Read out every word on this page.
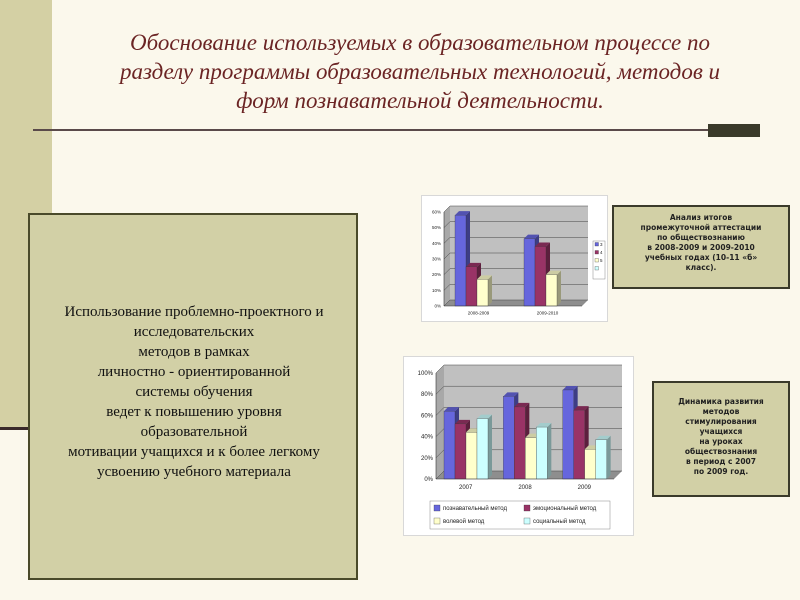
Обоснование используемых в образовательном процессе по разделу программы образовательных технологий, методов и форм познавательной деятельности.

Использование проблемно-проектного и исследовательских
методов в рамках
личностно - ориентированной
системы обучения
ведет к повышению уровня
образовательной
мотивации учащихся и к более легкому усвоению учебного материала

0%
10%
20%
30%
40%
50%
60%
2008-2009	2009-2010
3
4
5
Анализ итогов
промежуточной аттестации
по обществознанию
в 2008-2009 и 2009-2010
учебных годах (10-11 «б»
класс).
0%
20%
40%
60%
80%
100%
2007	2008	2009
познавательный метод	эмоциональный метод
волевой метод	социальный метод
Динамика развития
методов
стимулирования
учащихся
на уроках
обществознания
в период с 2007
по 2009 год.
